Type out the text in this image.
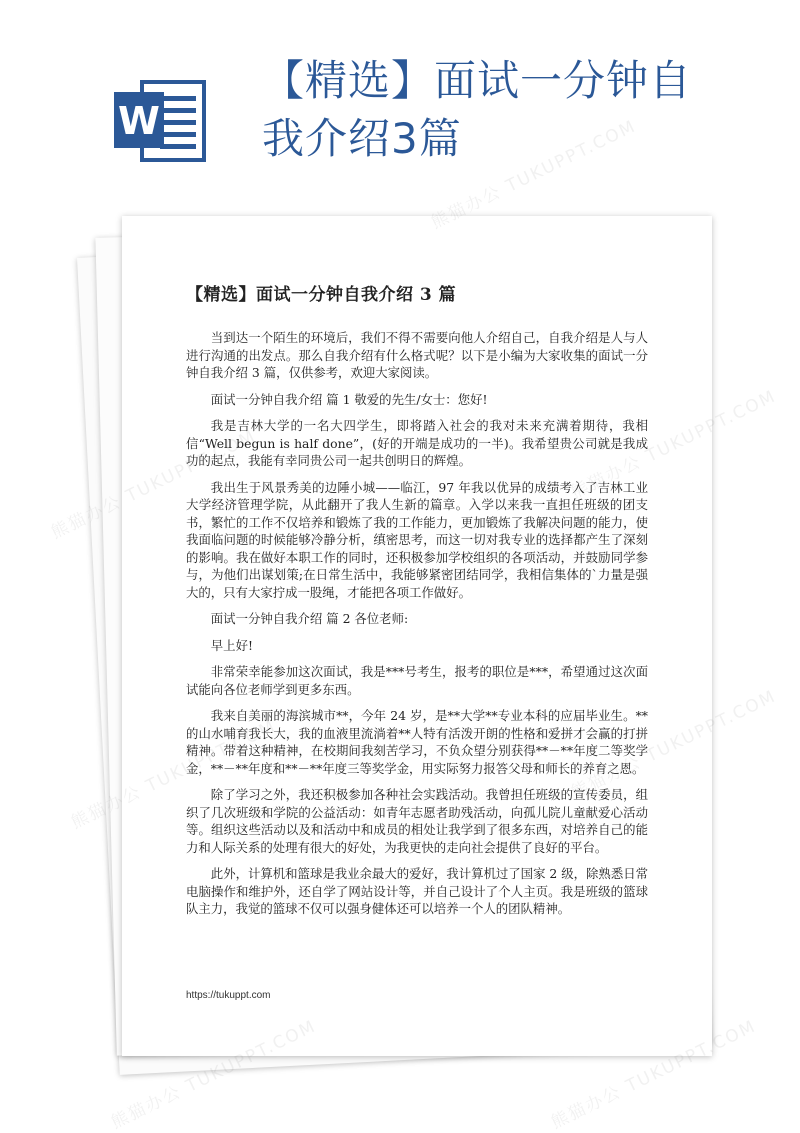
W
【精选】面试一分钟自我介绍3篇
【精选】面试一分钟自我介绍 3 篇

当到达一个陌生的环境后，我们不得不需要向他人介绍自己，自我介绍是人与人进行沟通的出发点。那么自我介绍有什么格式呢？以下是小编为大家收集的面试一分钟自我介绍 3 篇，仅供参考，欢迎大家阅读。

面试一分钟自我介绍 篇 1 敬爱的先生/女士：您好!

我是吉林大学的一名大四学生，即将踏入社会的我对未来充满着期待，我相信“Well begun is half done”，(好的开端是成功的一半)。我希望贵公司就是我成功的起点，我能有幸同贵公司一起共创明日的辉煌。

我出生于风景秀美的边陲小城——临江，97 年我以优异的成绩考入了吉林工业大学经济管理学院，从此翻开了我人生新的篇章。入学以来我一直担任班级的团支书，繁忙的工作不仅培养和锻炼了我的工作能力，更加锻炼了我解决问题的能力，使我面临问题的时候能够冷静分析，缜密思考，而这一切对我专业的选择都产生了深刻的影响。我在做好本职工作的同时，还积极参加学校组织的各项活动，并鼓励同学参与，为他们出谋划策;在日常生活中，我能够紧密团结同学，我相信集体的`力量是强大的，只有大家拧成一股绳，才能把各项工作做好。

面试一分钟自我介绍 篇 2 各位老师:

早上好!

非常荣幸能参加这次面试，我是***号考生，报考的职位是***，希望通过这次面试能向各位老师学到更多东西。

我来自美丽的海滨城市**，今年 24 岁，是**大学**专业本科的应届毕业生。**的山水哺育我长大，我的血液里流淌着**人特有活泼开朗的性格和爱拼才会赢的打拼精神。带着这种精神，在校期间我刻苦学习，不负众望分别获得**－**年度二等奖学金，**－**年度和**－**年度三等奖学金，用实际努力报答父母和师长的养育之恩。

除了学习之外，我还积极参加各种社会实践活动。我曾担任班级的宣传委员，组织了几次班级和学院的公益活动：如青年志愿者助残活动，向孤儿院儿童献爱心活动等。组织这些活动以及和活动中和成员的相处让我学到了很多东西，对培养自己的能力和人际关系的处理有很大的好处，为我更快的走向社会提供了良好的平台。

此外，计算机和篮球是我业余最大的爱好，我计算机过了国家 2 级，除熟悉日常电脑操作和维护外，还自学了网站设计等，并自己设计了个人主页。我是班级的篮球队主力，我觉的篮球不仅可以强身健体还可以培养一个人的团队精神。

https://tukuppt.com
熊猫办公 TUKUPPT.COM
熊猫办公
熊猫办公 TUKUPPT.COM	熊猫办公 TUKUPPT.COM
